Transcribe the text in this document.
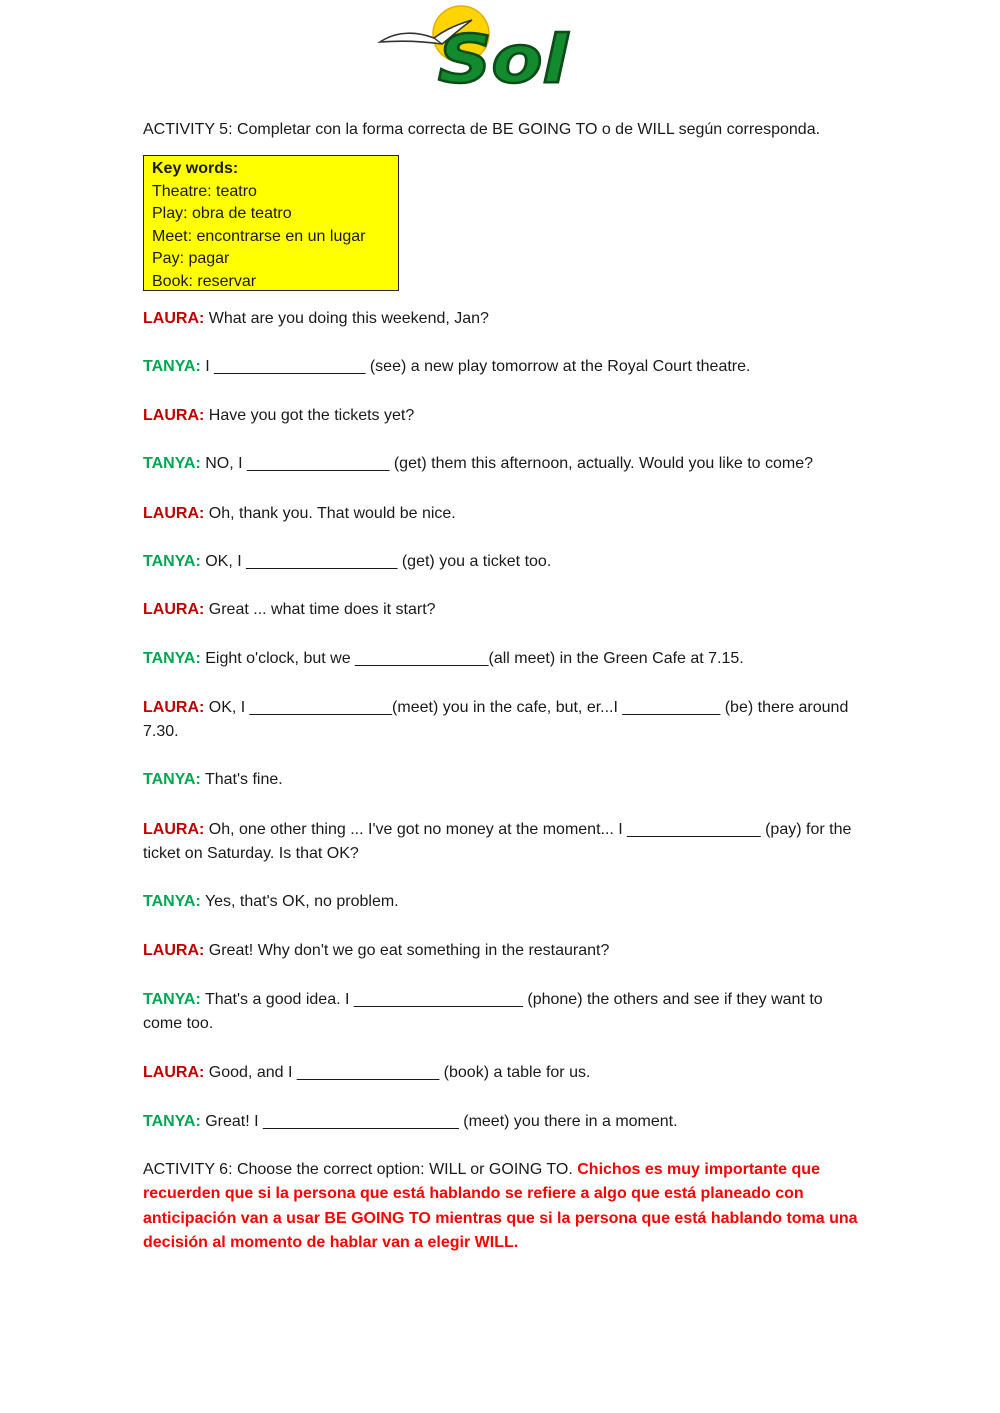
Sol
ACTIVITY 5: Completar con la forma correcta de BE GOING TO o de WILL según corresponda.
Key words:
Theatre: teatro
Play: obra de teatro
Meet: encontrarse en un lugar
Pay: pagar
Book: reservar
LAURA: What are you doing this weekend, Jan?
TANYA: I _________________ (see) a new play tomorrow at the Royal Court theatre.
LAURA: Have you got the tickets yet?
TANYA: NO, I ________________ (get) them this afternoon, actually. Would you like to come?
LAURA: Oh, thank you. That would be nice.
TANYA: OK, I _________________ (get) you a ticket too.
LAURA: Great ... what time does it start?
TANYA: Eight o'clock, but we _______________(all meet) in the Green Cafe at 7.15.
LAURA: OK, I ________________(meet) you in the cafe, but, er...I ___________ (be) there around 7.30.
TANYA: That's fine.
LAURA: Oh, one other thing ... I've got no money at the moment... I _______________ (pay) for the ticket on Saturday. Is that OK?
TANYA: Yes, that's OK, no problem.
LAURA: Great! Why don't we go eat something in the restaurant?
TANYA: That's a good idea. I ___________________ (phone) the others and see if they want to come too.
LAURA: Good, and I ________________ (book) a table for us.
TANYA: Great! I ______________________ (meet) you there in a moment.
ACTIVITY 6: Choose the correct option: WILL or GOING TO. Chichos es muy importante que recuerden que si la persona que está hablando se refiere a algo que está planeado con anticipación van a usar BE GOING TO mientras que si la persona que está hablando toma una decisión al momento de hablar van a elegir WILL.
